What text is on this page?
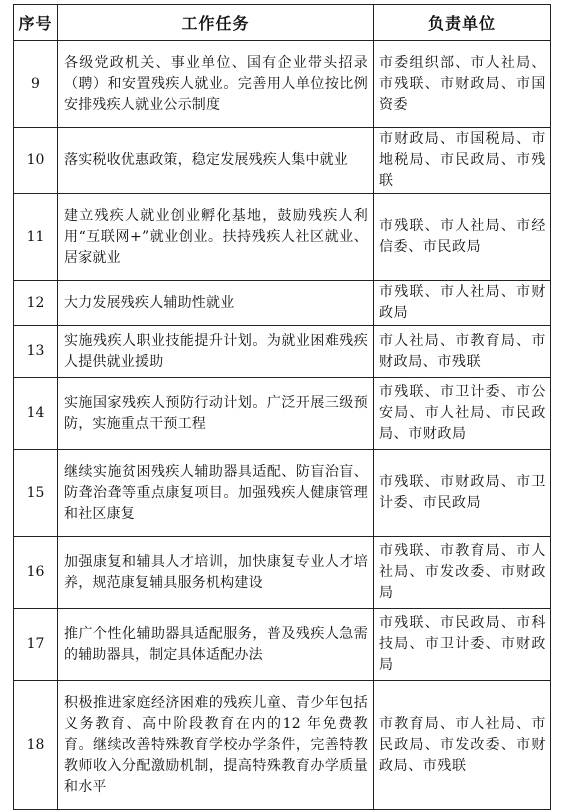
序号	工作任务	负责单位
9	各级党政机关、事业单位、国有企业带头招录（聘）和安置残疾人就业。完善用人单位按比例安排残疾人就业公示制度	市委组织部、市人社局、市残联、市财政局、市国资委
10	落实税收优惠政策，稳定发展残疾人集中就业	市财政局、市国税局、市地税局、市民政局、市残联
11	建立残疾人就业创业孵化基地，鼓励残疾人利用“互联网+”就业创业。扶持残疾人社区就业、居家就业	市残联、市人社局、市经信委、市民政局
12	大力发展残疾人辅助性就业	市残联、市人社局、市财政局
13	实施残疾人职业技能提升计划。为就业困难残疾人提供就业援助	市人社局、市教育局、市财政局、市残联
14	实施国家残疾人预防行动计划。广泛开展三级预防，实施重点干预工程	市残联、市卫计委、市公安局、市人社局、市民政局、市财政局
15	继续实施贫困残疾人辅助器具适配、防盲治盲、防聋治聋等重点康复项目。加强残疾人健康管理和社区康复	市残联、市财政局、市卫计委、市民政局
16	加强康复和辅具人才培训，加快康复专业人才培养，规范康复辅具服务机构建设	市残联、市教育局、市人社局、市发改委、市财政局
17	推广个性化辅助器具适配服务，普及残疾人急需的辅助器具，制定具体适配办法	市残联、市民政局、市科技局、市卫计委、市财政局
18	积极推进家庭经济困难的残疾儿童、青少年包括义务教育、高中阶段教育在内的12 年免费教育。继续改善特殊教育学校办学条件，完善特教教师收入分配激励机制，提高特殊教育办学质量和水平	市教育局、市人社局、市民政局、市发改委、市财政局、市残联
